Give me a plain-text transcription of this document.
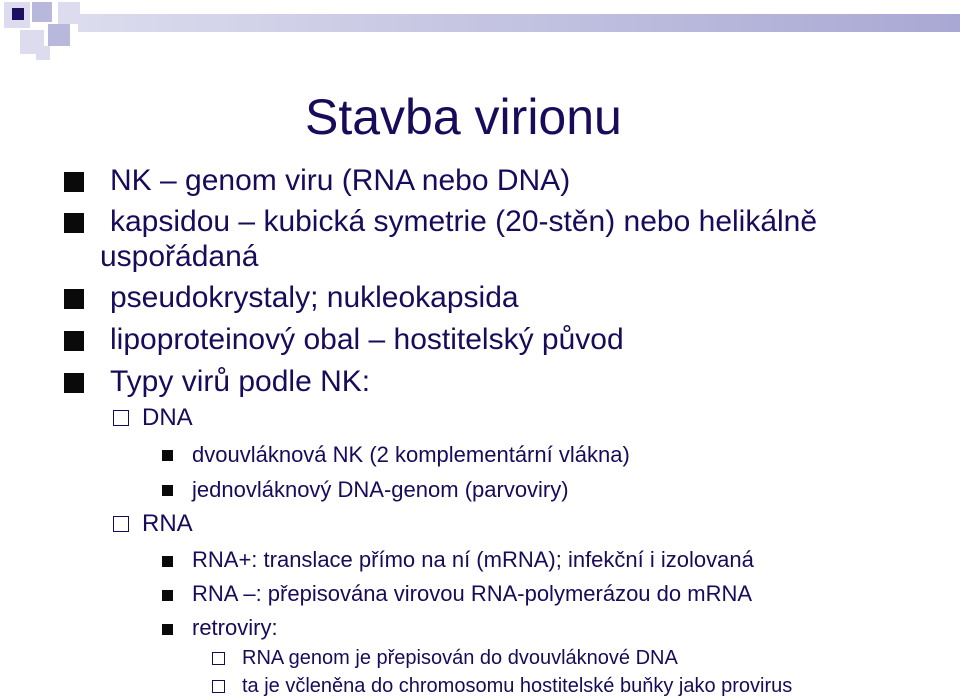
Stavba virionu
NK – genom viru (RNA nebo DNA)
kapsidou – kubická symetrie (20-stěn) nebo helikálně
uspořádaná
pseudokrystaly; nukleokapsida
lipoproteinový obal – hostitelský původ
Typy virů podle NK:
DNA
dvouvláknová NK (2 komplementární vlákna)
jednovláknový DNA-genom (parvoviry)
RNA
RNA+: translace přímo na ní (mRNA); infekční i izolovaná
RNA –: přepisována virovou RNA-polymerázou do mRNA
retroviry:
RNA genom je přepisován do dvouvláknové DNA
ta je včleněna do chromosomu hostitelské buňky jako provirus
